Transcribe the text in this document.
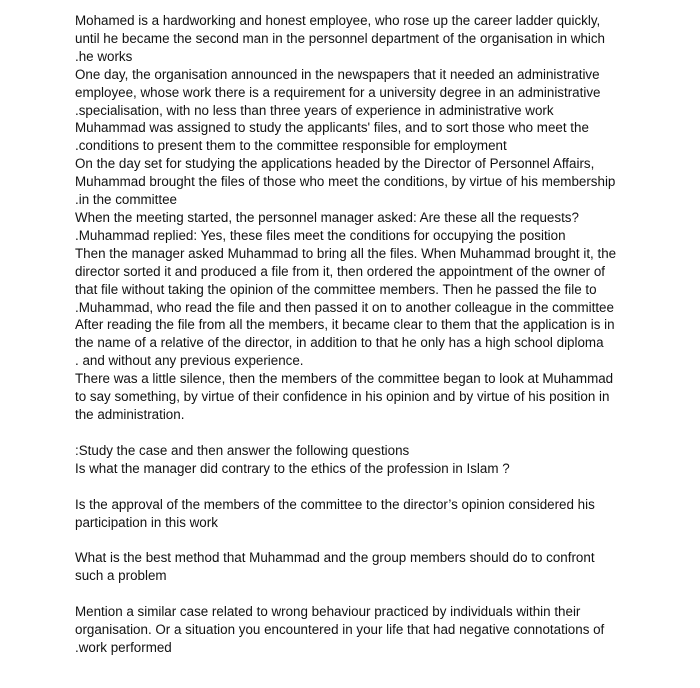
Mohamed is a hardworking and honest employee, who rose up the career ladder quickly,
until he became the second man in the personnel department of the organisation in which
.he works
One day, the organisation announced in the newspapers that it needed an administrative
employee, whose work there is a requirement for a university degree in an administrative
.specialisation, with no less than three years of experience in administrative work
Muhammad was assigned to study the applicants' files, and to sort those who meet the
.conditions to present them to the committee responsible for employment
On the day set for studying the applications headed by the Director of Personnel Affairs,
Muhammad brought the files of those who meet the conditions, by virtue of his membership
.in the committee
When the meeting started, the personnel manager asked: Are these all the requests?
.Muhammad replied: Yes, these files meet the conditions for occupying the position
Then the manager asked Muhammad to bring all the files. When Muhammad brought it, the
director sorted it and produced a file from it, then ordered the appointment of the owner of
that file without taking the opinion of the committee members. Then he passed the file to
.Muhammad, who read the file and then passed it on to another colleague in the committee
After reading the file from all the members, it became clear to them that the application is in
the name of a relative of the director, in addition to that he only has a high school diploma
. and without any previous experience.
There was a little silence, then the members of the committee began to look at Muhammad
to say something, by virtue of their confidence in his opinion and by virtue of his position in
the administration.
:Study the case and then answer the following questions
Is what the manager did contrary to the ethics of the profession in Islam ?
Is the approval of the members of the committee to the director’s opinion considered his
participation in this work
What is the best method that Muhammad and the group members should do to confront
such a problem
Mention a similar case related to wrong behaviour practiced by individuals within their
organisation. Or a situation you encountered in your life that had negative connotations of
.work performed
